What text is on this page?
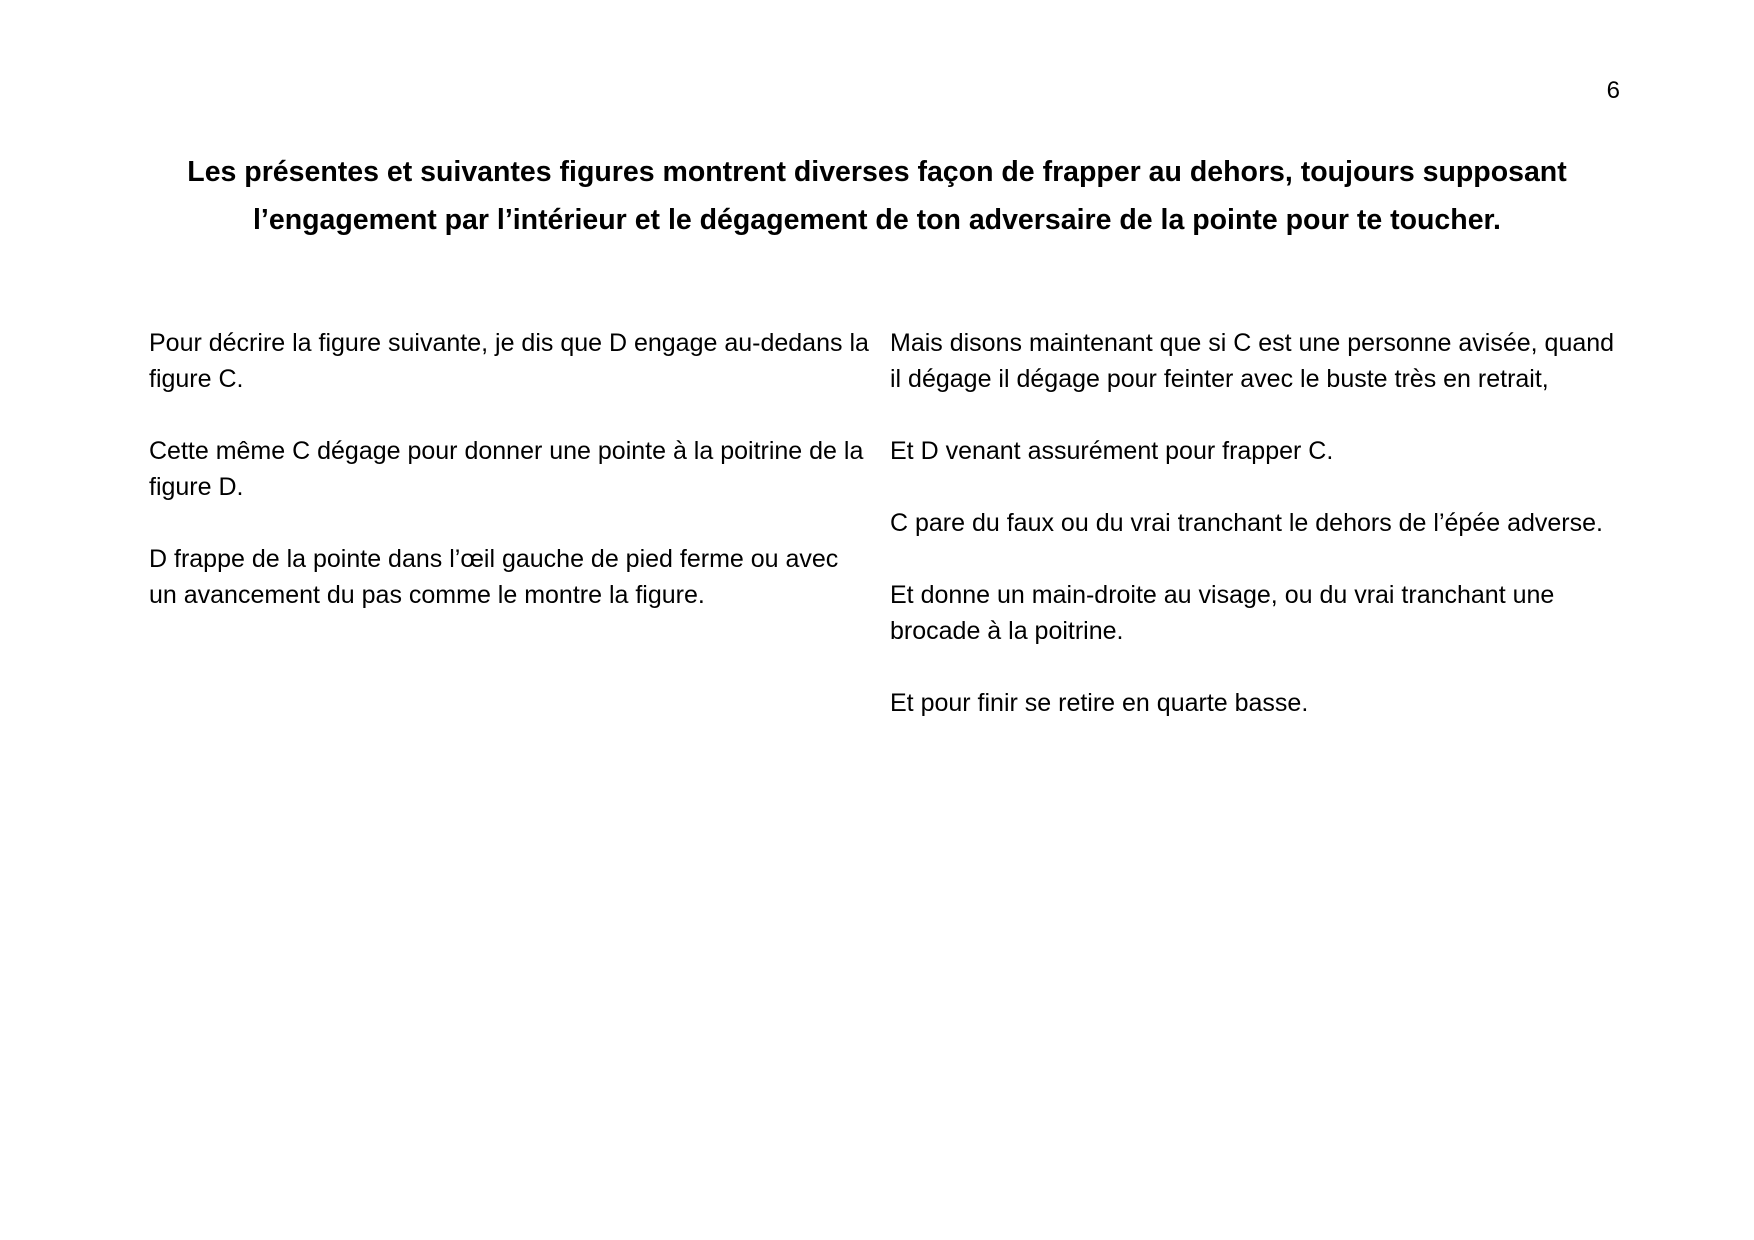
6
Les présentes et suivantes figures montrent diverses façon de frapper au dehors, toujours supposant
l’engagement par l’intérieur et le dégagement de ton adversaire de la pointe pour te toucher.

Pour décrire la figure suivante, je dis que D engage au-dedans la figure C.

Cette même C dégage pour donner une pointe à la poitrine de la figure D.

D frappe de la pointe dans l’œil gauche de pied ferme ou avec un avancement du pas comme le montre la figure.

Mais disons maintenant que si C est une personne avisée, quand il dégage il dégage pour feinter avec le buste très en retrait,

Et D venant assurément pour frapper C.

C pare du faux ou du vrai tranchant le dehors de l’épée adverse.

Et donne un main-droite au visage, ou du vrai tranchant une brocade à la poitrine.

Et pour finir se retire en quarte basse.
